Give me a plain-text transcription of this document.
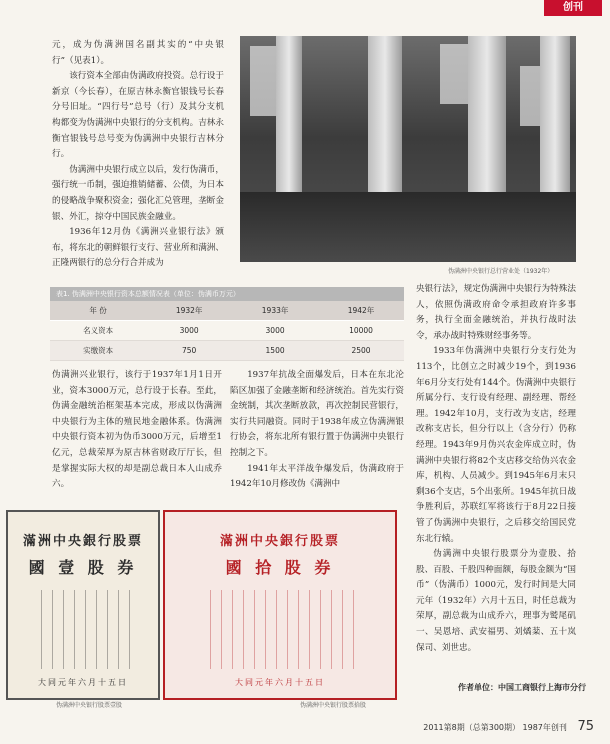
创刊

元，成为伪满洲国名副其实的“中央银行”（见表1）。

该行资本全部由伪满政府投资。总行设于新京（今长春），在原吉林永衡官银钱号长春分号旧址。“四行号”总号（行）及其分支机构都变为伪满洲中央银行的分支机构。吉林永衡官银钱号总号变为伪满洲中央银行吉林分行。

伪满洲中央银行成立以后，发行伪满币，强行统一币制，强迫推销储蓄、公债，为日本的侵略战争聚积资金；强化汇兑管理，垄断金银、外汇，掠夺中国民族金融业。

1936年12月伪《满洲兴业银行法》颁布，将东北的朝鲜银行支行、营业所和满洲、正隆两银行的总分行合并成为

伪满洲中央银行总行营业处（1932年）
表1. 伪满洲中央银行资本总额情况表（单位：伪满币万元）
年 份	1932年	1933年	1942年
名义资本	3000	3000	10000
实缴资本	750	1500	2500

伪满洲兴业银行，该行于1937年1月1日开业，资本3000万元，总行设于长春。至此，伪满金融统治框架基本完成，形成以伪满洲中央银行为主体的殖民地金融体系。伪满洲中央银行资本初为伪币3000万元，后增至1亿元，总裁荣厚为原吉林省财政厅厅长，但是掌握实际大权的却是副总裁日本人山成乔六。

1937年抗战全面爆发后，日本在东北沦陷区加强了金融垄断和经济统治。首先实行资金统制，其次垄断放款，再次控制民营银行，实行共同融资。同时于1938年成立伪满洲银行协会，将东北所有银行置于伪满洲中央银行控制之下。

1941年太平洋战争爆发后，伪满政府于1942年10月修改伪《满洲中

央银行法》，规定伪满洲中央银行为特殊法人，依照伪满政府命令承担政府许多事务，执行全面金融统治，并执行战时法令，承办战时特殊财经事务等。

1933年伪满洲中央银行分支行处为113个，比创立之时减少19个，到1936年6月分支行处有144个。伪满洲中央银行所属分行、支行设有经理、副经理、帮经理。1942年10月，支行改为支店，经理改称支店长，但分行以上（含分行）仍称经理。1943年9月伪兴农金库成立时，伪满洲中央银行将82个支店移交给伪兴农金库，机构、人员减少。到1945年6月末只剩36个支店，5个出张所。1945年抗日战争胜利后，苏联红军将该行于8月22日接管了伪满洲中央银行，之后移交给国民党东北行辕。

伪满洲中央银行股票分为壹股、拾股、百股、千股四种面额，每股金额为“国币”（伪满币）1000元，发行时间是大同元年（1932年）六月十五日，时任总裁为荣厚，副总裁为山成乔六，理事为鹫尾矶一、吴恩培、武安福男、刘燏棻、五十岚保司、刘世忠。

滿洲中央銀行股票
國 壹 股 券
大同元年六月十五日
伪满洲中央银行股票壹股
滿洲中央銀行股票
國 拾 股 券
大同元年六月十五日
伪满洲中央银行股票拾股
作者单位：中国工商银行上海市分行
2011第8期（总第300期） 1987年创刊 75
